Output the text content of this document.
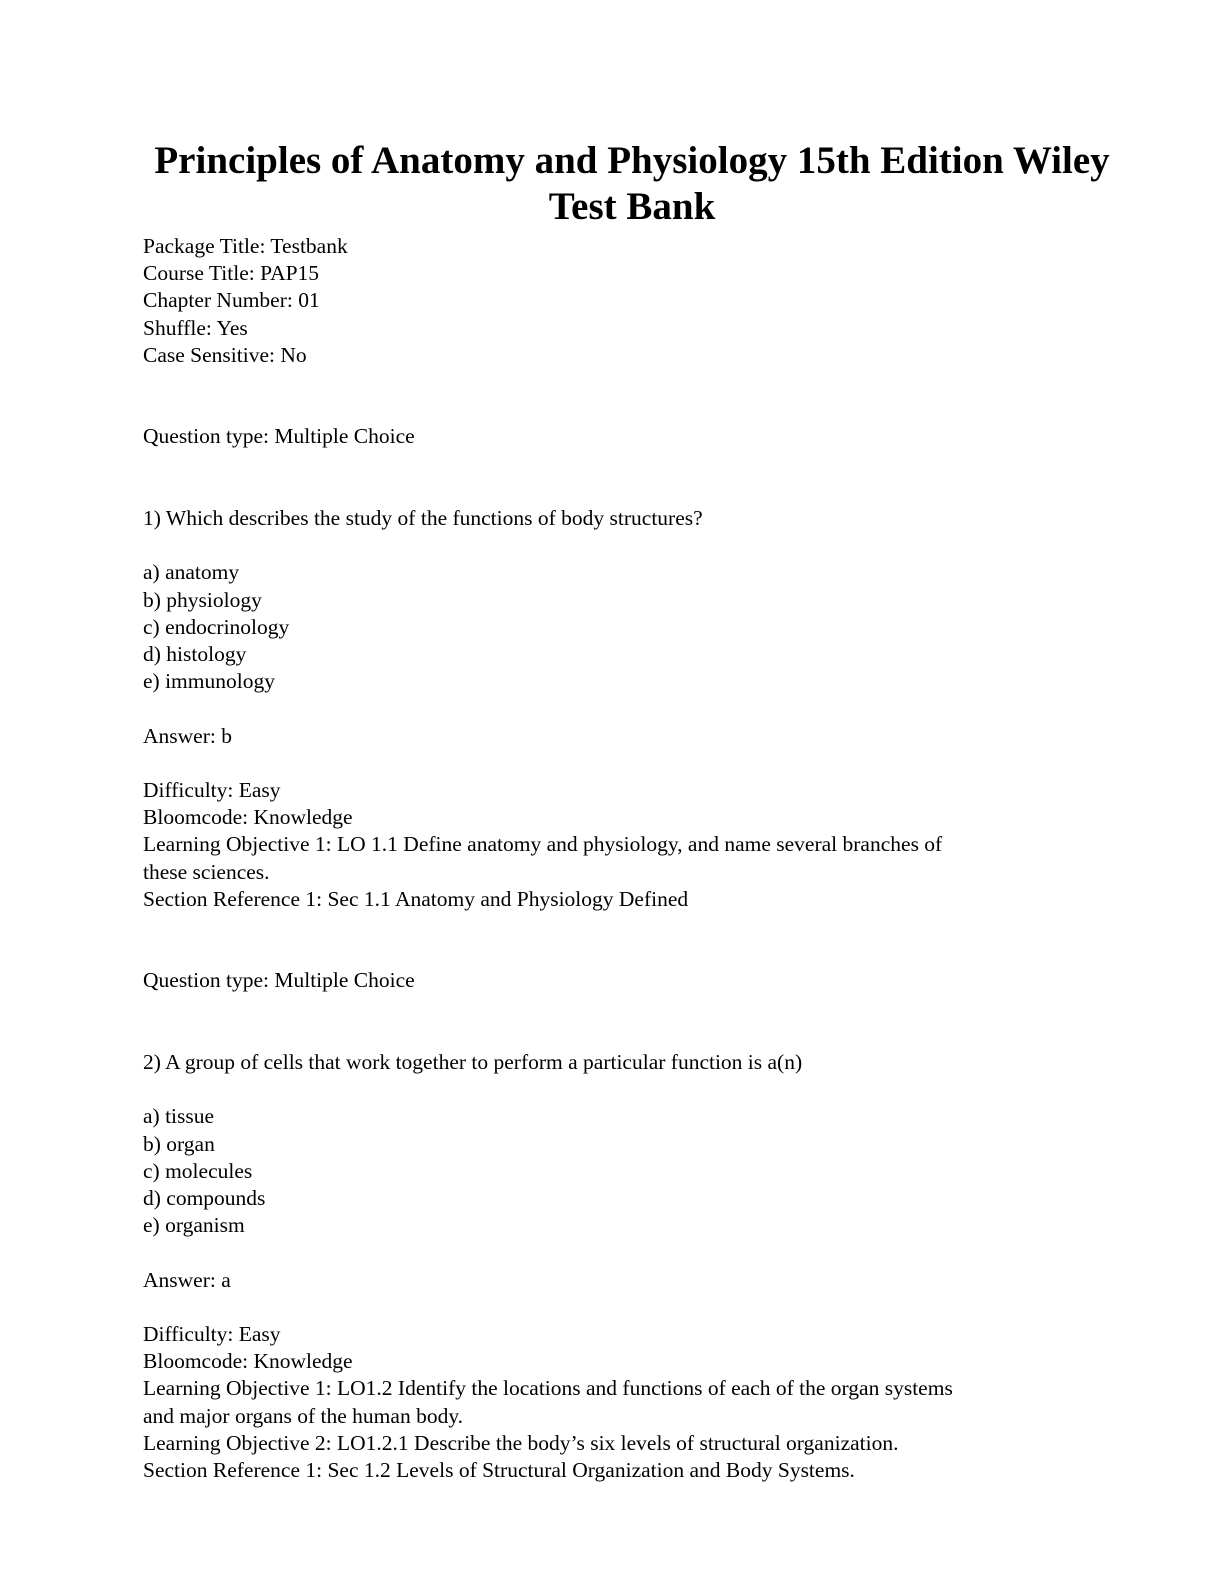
Principles of Anatomy and Physiology 15th Edition Wiley
Test Bank
Package Title: Testbank
Course Title: PAP15
Chapter Number: 01
Shuffle: Yes
Case Sensitive: No
Question type: Multiple Choice
1) Which describes the study of the functions of body structures?
a) anatomy
b) physiology
c) endocrinology
d) histology
e) immunology
Answer: b
Difficulty: Easy
Bloomcode: Knowledge
Learning Objective 1: LO 1.1 Define anatomy and physiology, and name several branches of
these sciences.
Section Reference 1: Sec 1.1 Anatomy and Physiology Defined
Question type: Multiple Choice
2) A group of cells that work together to perform a particular function is a(n)
a) tissue
b) organ
c) molecules
d) compounds
e) organism
Answer: a
Difficulty: Easy
Bloomcode: Knowledge
Learning Objective 1: LO1.2 Identify the locations and functions of each of the organ systems
and major organs of the human body.
Learning Objective 2: LO1.2.1 Describe the body’s six levels of structural organization.
Section Reference 1: Sec 1.2 Levels of Structural Organization and Body Systems.
